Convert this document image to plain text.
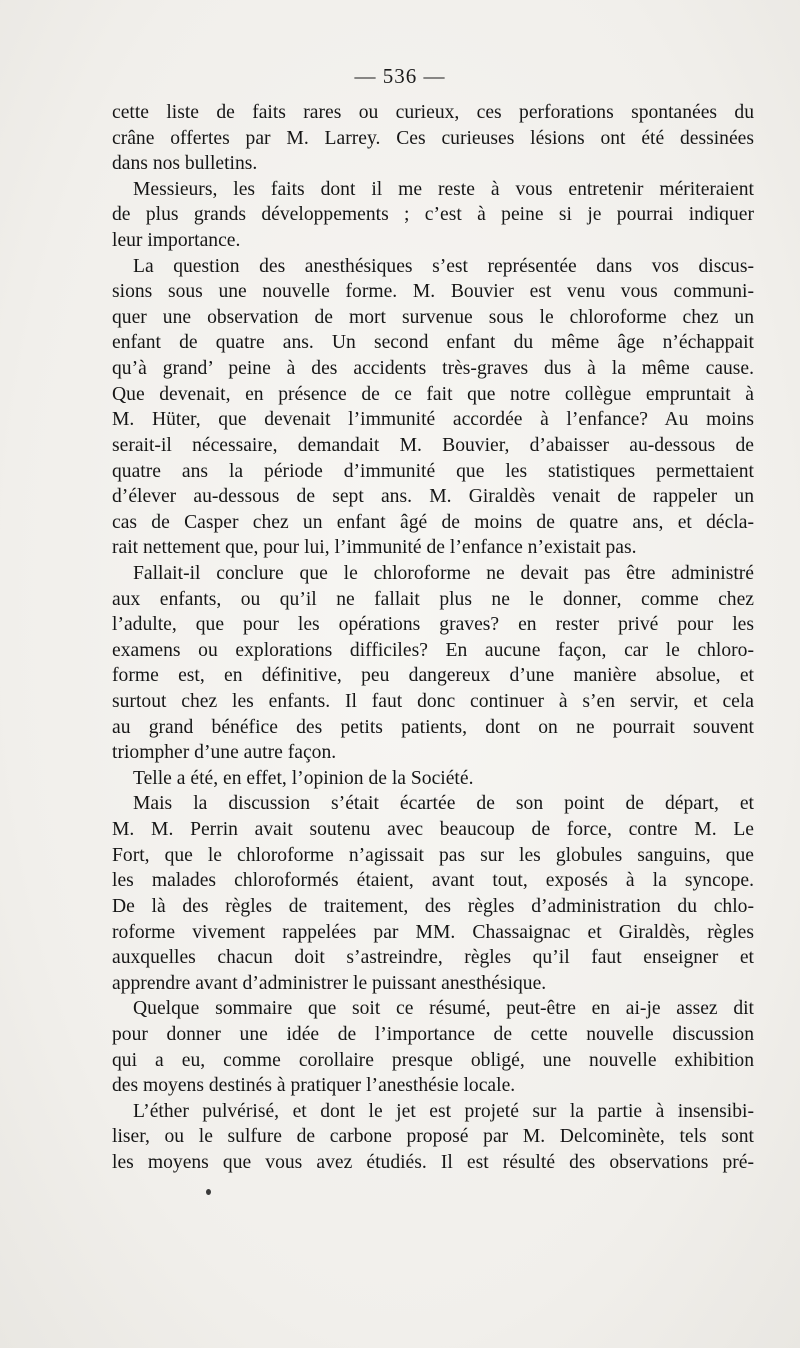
— 536 —
cette liste de faits rares ou curieux, ces perforations spontanées du
crâne offertes par M. Larrey. Ces curieuses lésions ont été dessinées
dans nos bulletins.
Messieurs, les faits dont il me reste à vous entretenir mériteraient
de plus grands développements ; c’est à peine si je pourrai indiquer
leur importance.
La question des anesthésiques s’est représentée dans vos discus-
sions sous une nouvelle forme. M. Bouvier est venu vous communi-
quer une observation de mort survenue sous le chloroforme chez un
enfant de quatre ans. Un second enfant du même âge n’échappait
qu’à grand’ peine à des accidents très-graves dus à la même cause.
Que devenait, en présence de ce fait que notre collègue empruntait à
M. Hüter, que devenait l’immunité accordée à l’enfance? Au moins
serait-il nécessaire, demandait M. Bouvier, d’abaisser au-dessous de
quatre ans la période d’immunité que les statistiques permettaient
d’élever au-dessous de sept ans. M. Giraldès venait de rappeler un
cas de Casper chez un enfant âgé de moins de quatre ans, et décla-
rait nettement que, pour lui, l’immunité de l’enfance n’existait pas.
Fallait-il conclure que le chloroforme ne devait pas être administré
aux enfants, ou qu’il ne fallait plus ne le donner, comme chez
l’adulte, que pour les opérations graves? en rester privé pour les
examens ou explorations difficiles? En aucune façon, car le chloro-
forme est, en définitive, peu dangereux d’une manière absolue, et
surtout chez les enfants. Il faut donc continuer à s’en servir, et cela
au grand bénéfice des petits patients, dont on ne pourrait souvent
triompher d’une autre façon.
Telle a été, en effet, l’opinion de la Société.
Mais la discussion s’était écartée de son point de départ, et
M. M. Perrin avait soutenu avec beaucoup de force, contre M. Le
Fort, que le chloroforme n’agissait pas sur les globules sanguins, que
les malades chloroformés étaient, avant tout, exposés à la syncope.
De là des règles de traitement, des règles d’administration du chlo-
roforme vivement rappelées par MM. Chassaignac et Giraldès, règles
auxquelles chacun doit s’astreindre, règles qu’il faut enseigner et
apprendre avant d’administrer le puissant anesthésique.
Quelque sommaire que soit ce résumé, peut-être en ai-je assez dit
pour donner une idée de l’importance de cette nouvelle discussion
qui a eu, comme corollaire presque obligé, une nouvelle exhibition
des moyens destinés à pratiquer l’anesthésie locale.
L’éther pulvérisé, et dont le jet est projeté sur la partie à insensibi-
liser, ou le sulfure de carbone proposé par M. Delcominète, tels sont
les moyens que vous avez étudiés. Il est résulté des observations pré-
